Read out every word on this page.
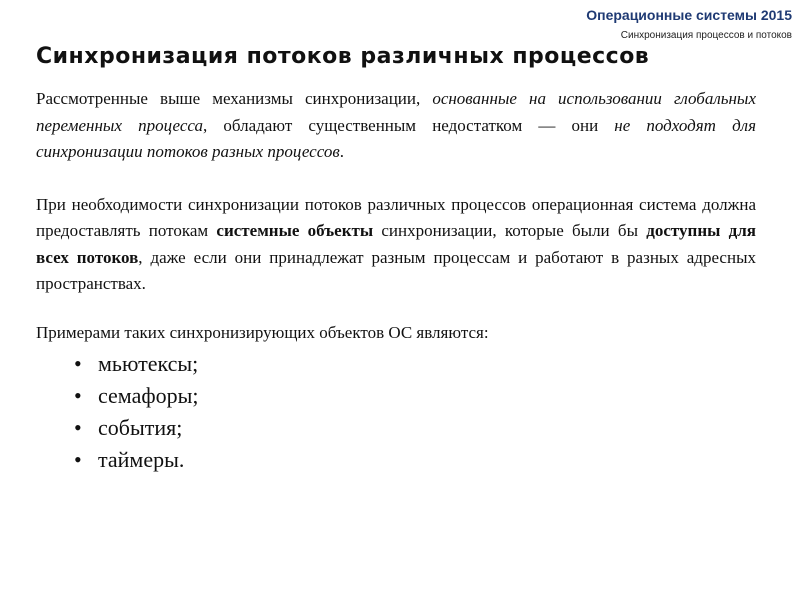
Операционные системы 2015
Синхронизация процессов и потоков
Синхронизация потоков различных процессов

Рассмотренные выше механизмы синхронизации, основанные на использовании глобальных переменных процесса, обладают существенным недостатком — они не подходят для синхронизации потоков разных процессов.

При необходимости синхронизации потоков различных процессов операционная система должна предоставлять потокам системные объекты синхронизации, которые были бы доступны для всех потоков, даже если они принадлежат разным процессам и работают в разных адресных пространствах.

Примерами таких синхронизирующих объектов ОС являются:

• мьютексы;
• семафоры;
• события;
• таймеры.
